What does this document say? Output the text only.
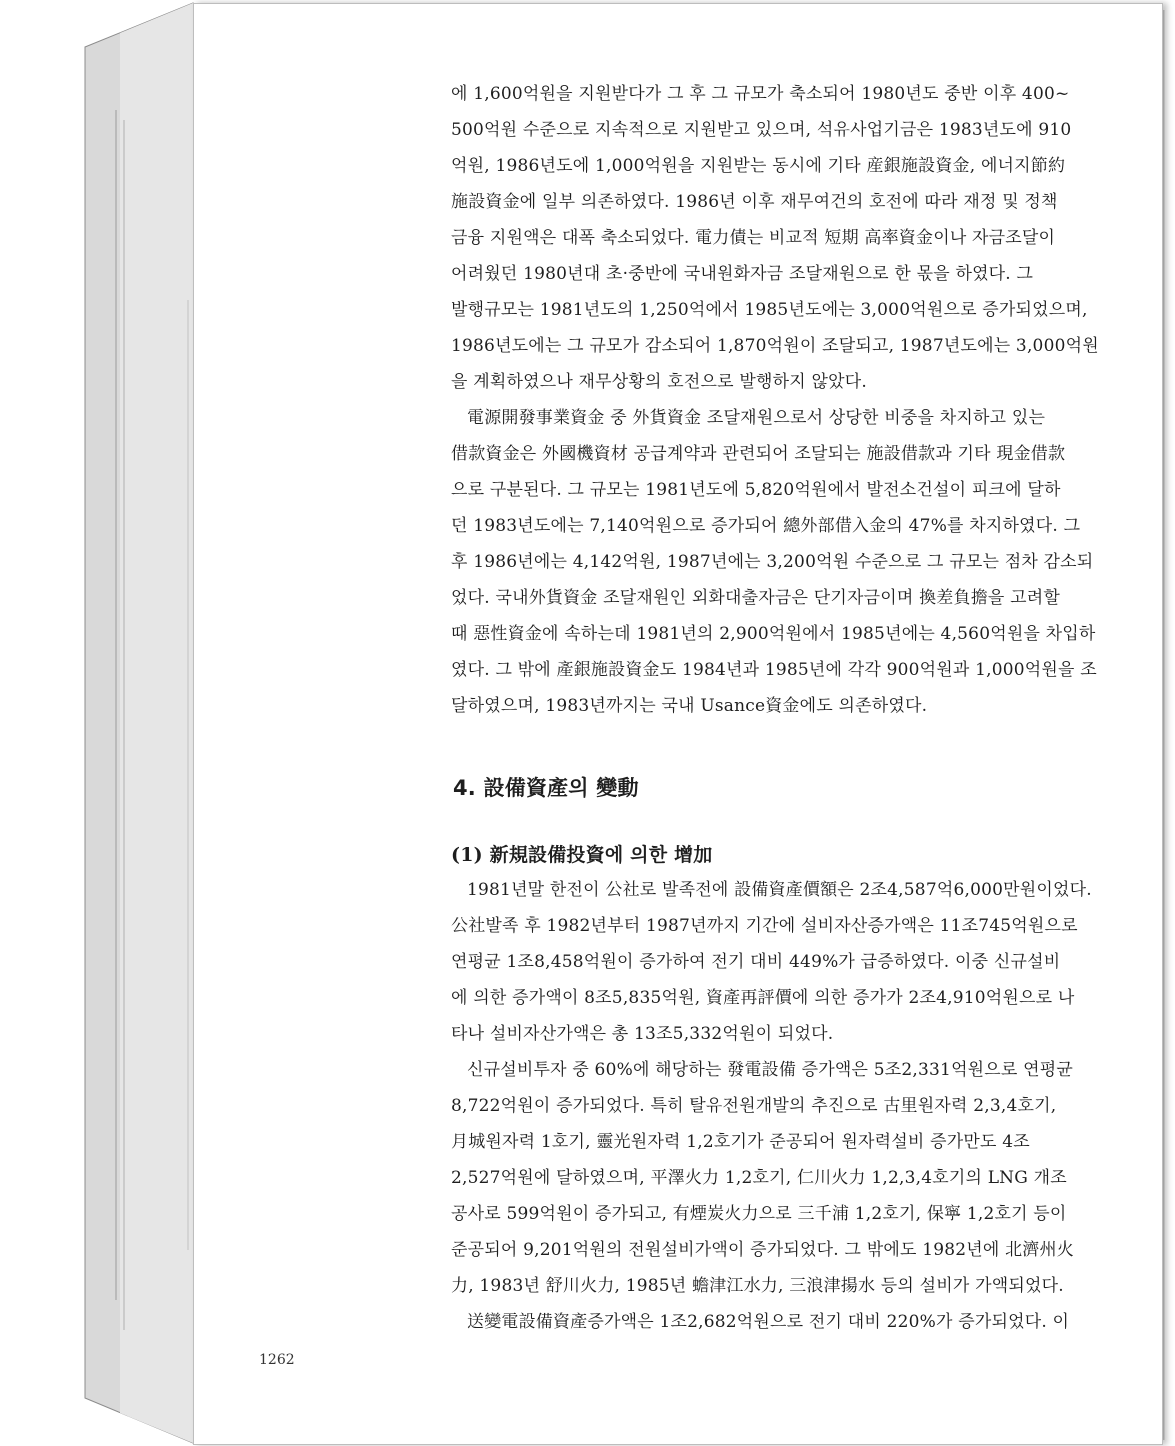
에 1,600억원을 지원받다가 그 후 그 규모가 축소되어 1980년도 중반 이후 400~

500억원 수준으로 지속적으로 지원받고 있으며, 석유사업기금은 1983년도에 910

억원, 1986년도에 1,000억원을 지원받는 동시에 기타 産銀施設資金, 에너지節約

施設資金에 일부 의존하였다. 1986년 이후 재무여건의 호전에 따라 재정 및 정책

금융 지원액은 대폭 축소되었다. 電力債는 비교적 短期 高率資金이나 자금조달이

어려웠던 1980년대 초·중반에 국내원화자금 조달재원으로 한 몫을 하였다. 그

발행규모는 1981년도의 1,250억에서 1985년도에는 3,000억원으로 증가되었으며,

1986년도에는 그 규모가 감소되어 1,870억원이 조달되고, 1987년도에는 3,000억원

을 계획하였으나 재무상황의 호전으로 발행하지 않았다.

電源開發事業資金 중 外貨資金 조달재원으로서 상당한 비중을 차지하고 있는

借款資金은 外國機資材 공급계약과 관련되어 조달되는 施設借款과 기타 現金借款

으로 구분된다. 그 규모는 1981년도에 5,820억원에서 발전소건설이 피크에 달하

던 1983년도에는 7,140억원으로 증가되어 總外部借入金의 47%를 차지하였다. 그

후 1986년에는 4,142억원, 1987년에는 3,200억원 수준으로 그 규모는 점차 감소되

었다. 국내外貨資金 조달재원인 외화대출자금은 단기자금이며 換差負擔을 고려할

때 惡性資金에 속하는데 1981년의 2,900억원에서 1985년에는 4,560억원을 차입하

였다. 그 밖에 產銀施設資金도 1984년과 1985년에 각각 900억원과 1,000억원을 조

달하였으며, 1983년까지는 국내 Usance資金에도 의존하였다.

4. 設備資產의 變動
(1) 新規設備投資에 의한 增加

1981년말 한전이 公社로 발족전에 設備資產價額은 2조4,587억6,000만원이었다.

公社발족 후 1982년부터 1987년까지 기간에 설비자산증가액은 11조745억원으로

연평균 1조8,458억원이 증가하여 전기 대비 449%가 급증하였다. 이중 신규설비

에 의한 증가액이 8조5,835억원, 資產再評價에 의한 증가가 2조4,910억원으로 나

타나 설비자산가액은 총 13조5,332억원이 되었다.

신규설비투자 중 60%에 해당하는 發電設備 증가액은 5조2,331억원으로 연평균

8,722억원이 증가되었다. 특히 탈유전원개발의 추진으로 古里원자력 2,3,4호기,

月城원자력 1호기, 靈光원자력 1,2호기가 준공되어 원자력설비 증가만도 4조

2,527억원에 달하였으며, 平澤火力 1,2호기, 仁川火力 1,2,3,4호기의 LNG 개조

공사로 599억원이 증가되고, 有煙炭火力으로 三千浦 1,2호기, 保寧 1,2호기 등이

준공되어 9,201억원의 전원설비가액이 증가되었다. 그 밖에도 1982년에 北濟州火

力, 1983년 舒川火力, 1985년 蟾津江水力, 三浪津揚水 등의 설비가 가액되었다.

送變電設備資產증가액은 1조2,682억원으로 전기 대비 220%가 증가되었다. 이

1262
